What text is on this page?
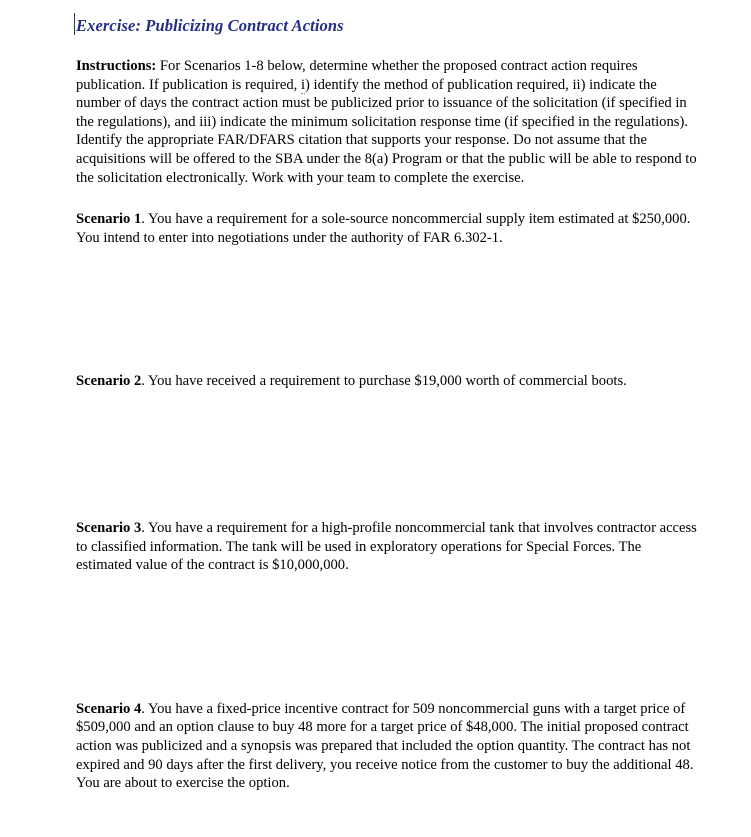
Exercise: Publicizing Contract Actions

Instructions: For Scenarios 1-8 below, determine whether the proposed contract action requires publication. If publication is required, i) identify the method of publication required, ii) indicate the number of days the contract action must be publicized prior to issuance of the solicitation (if specified in the regulations), and iii) indicate the minimum solicitation response time (if specified in the regulations). Identify the appropriate FAR/DFARS citation that supports your response. Do not assume that the acquisitions will be offered to the SBA under the 8(a) Program or that the public will be able to respond to the solicitation electronically. Work with your team to complete the exercise.

Scenario 1. You have a requirement for a sole-source noncommercial supply item estimated at $250,000. You intend to enter into negotiations under the authority of FAR 6.302-1.

Scenario 2. You have received a requirement to purchase $19,000 worth of commercial boots.

Scenario 3. You have a requirement for a high-profile noncommercial tank that involves contractor access to classified information. The tank will be used in exploratory operations for Special Forces. The estimated value of the contract is $10,000,000.

Scenario 4. You have a fixed-price incentive contract for 509 noncommercial guns with a target price of $509,000 and an option clause to buy 48 more for a target price of $48,000. The initial proposed contract action was publicized and a synopsis was prepared that included the option quantity. The contract has not expired and 90 days after the first delivery, you receive notice from the customer to buy the additional 48. You are about to exercise the option.
